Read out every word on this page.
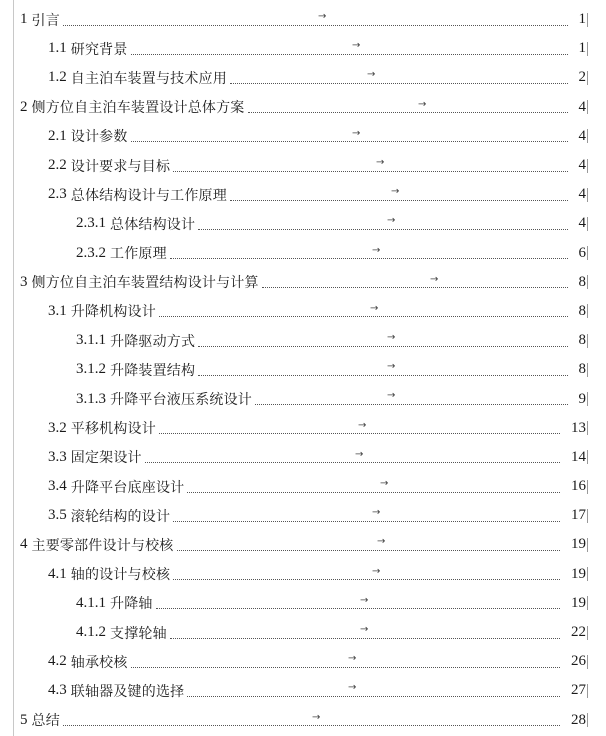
1 引言	1
→
1.1 研究背景	1
→
1.2 自主泊车装置与技术应用	2
→
2 侧方位自主泊车装置设计总体方案	4
→
2.1 设计参数	4
→
2.2 设计要求与目标	4
→
2.3 总体结构设计与工作原理	4
→
2.3.1 总体结构设计	4
→
2.3.2 工作原理	6
→
3 侧方位自主泊车装置结构设计与计算	8
→
3.1 升降机构设计	8
→
3.1.1 升降驱动方式	8
→
3.1.2 升降装置结构	8
→
3.1.3 升降平台液压系统设计	9
→
3.2 平移机构设计	13
→
3.3 固定架设计	14
→
3.4 升降平台底座设计	16
→
3.5 滚轮结构的设计	17
→
4 主要零部件设计与校核	19
→
4.1 轴的设计与校核	19
→
4.1.1 升降轴	19
→
4.1.2 支撑轮轴	22
→
4.2 轴承校核	26
→
4.3 联轴器及键的选择	27
→
5 总结	28
→
